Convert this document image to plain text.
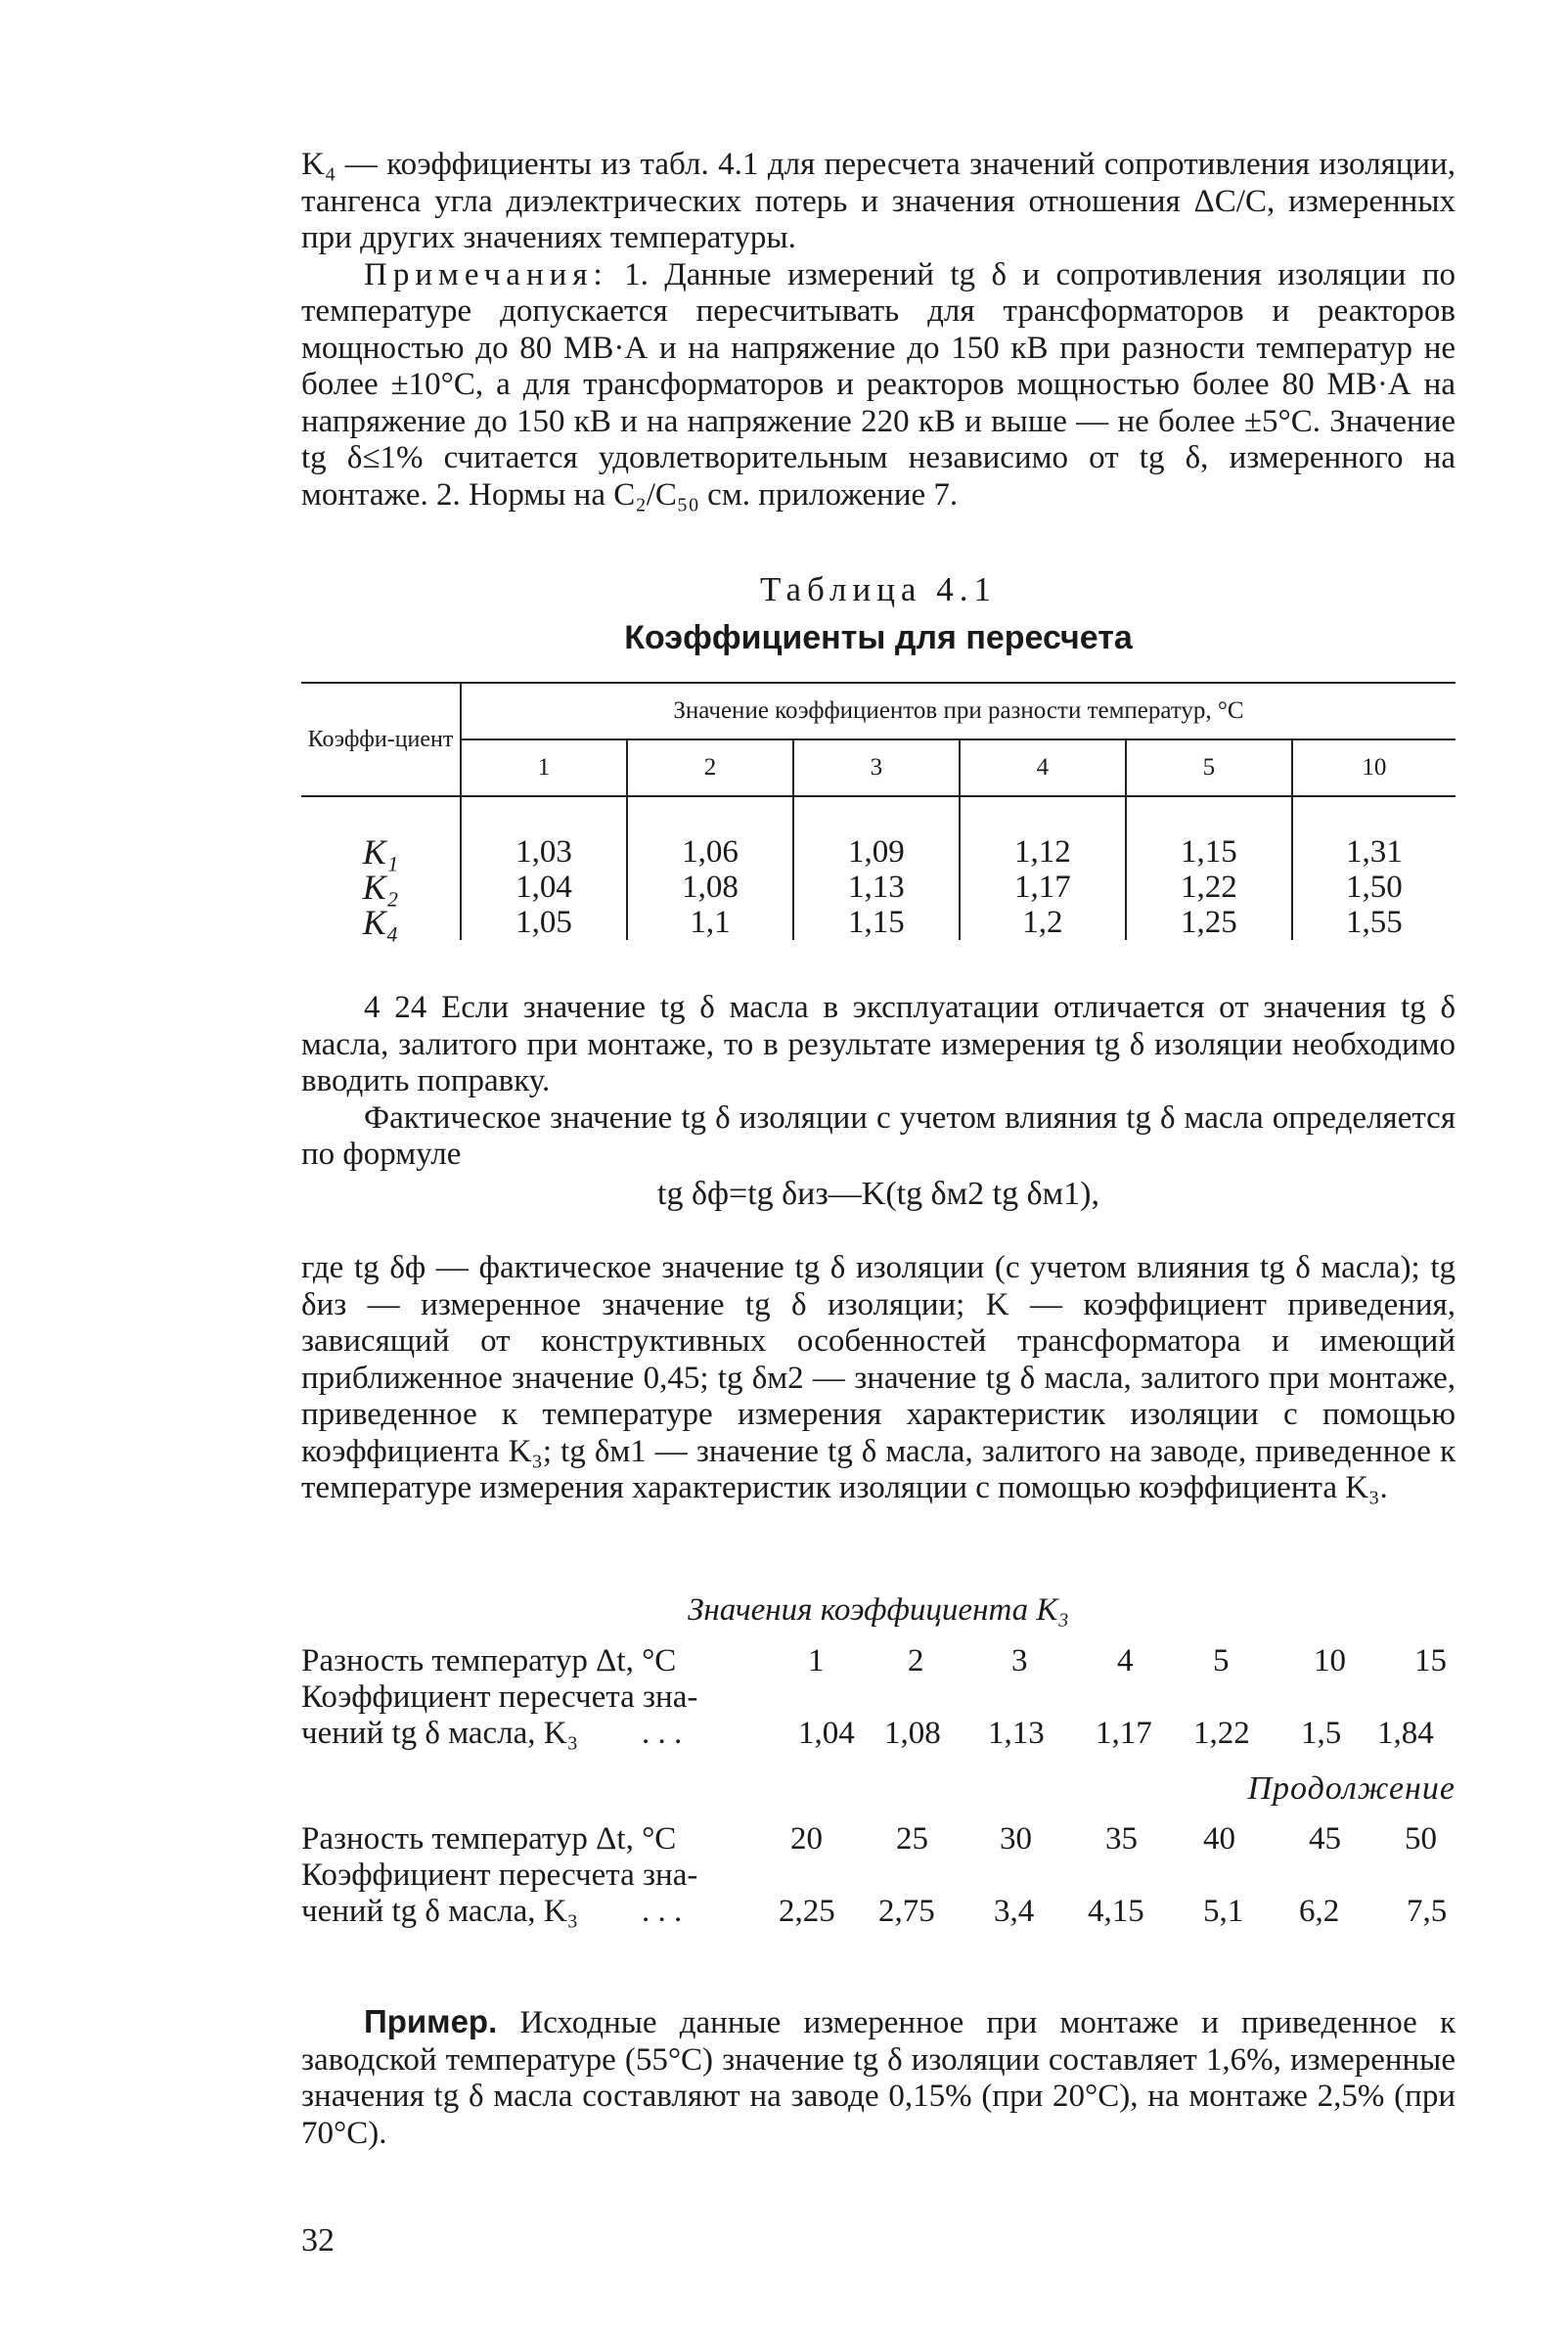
K₄ — коэффициенты из табл. 4.1 для пересчета значений сопротивления изоляции, тангенса угла диэлектрических потерь и значения отношения ΔC/C, измеренных при других значениях температуры.

Примечания: 1. Данные измерений tg δ и сопротивления изоляции по температуре допускается пересчитывать для трансформаторов и реакторов мощностью до 80 МВ·А и на напряжение до 150 кВ при разности температур не более ±10°С, а для трансформаторов и реакторов мощностью более 80 МВ·А на напряжение до 150 кВ и на напряжение 220 кВ и выше — не более ±5°С. Значение tg δ≤1% считается удовлетворительным независимо от tg δ, измеренного на монтаже. 2. Нормы на C₂/C₅₀ см. приложение 7.

Таблица 4.1
Коэффициенты для пересчета
Коэффи-циент	Значение коэффициентов при разности температур, °С					
	1	2	3	4	5	10
K₁	1,03	1,06	1,09	1,12	1,15	1,31
K₂	1,04	1,08	1,13	1,17	1,22	1,50
K₄	1,05	1,1	1,15	1,2	1,25	1,55

4 24 Если значение tg δ масла в эксплуатации отличается от значения tg δ масла, залитого при монтаже, то в результате измерения tg δ изоляции необходимо вводить поправку.

Фактическое значение tg δ изоляции с учетом влияния tg δ масла определяется по формуле

tg δф=tg δиз—K(tg δм2 tg δм1),

где tg δф — фактическое значение tg δ изоляции (с учетом влияния tg δ масла); tg δиз — измеренное значение tg δ изоляции; K — коэффициент приведения, зависящий от конструктивных особенностей трансформатора и имеющий приближенное значение 0,45; tg δм2 — значение tg δ масла, залитого при монтаже, приведенное к температуре измерения характеристик изоляции с помощью коэффициента K₃; tg δм1 — значение tg δ масла, залитого на заводе, приведенное к температуре измерения характеристик изоляции с помощью коэффициента K₃.

Значения коэффициента K₃
Разность температур Δt, °С	1	2	3	4 5	10 15
Коэффициент пересчета зна-
чений tg δ масла, K₃ . . .	1,04 1,08 1,13 1,17 1,22 1,5 1,84
Продолжение
Разность температур Δt, °С	20 25 30 35 40 45 50
Коэффициент пересчета зна-
чений tg δ масла, K₃ . . .	2,25 2,75 3,4 4,15 5,1 6,2 7,5

Пример. Исходные данные измеренное при монтаже и приведенное к заводской температуре (55°С) значение tg δ изоляции составляет 1,6%, измеренные значения tg δ масла составляют на заводе 0,15% (при 20°С), на монтаже 2,5% (при 70°С).

32
